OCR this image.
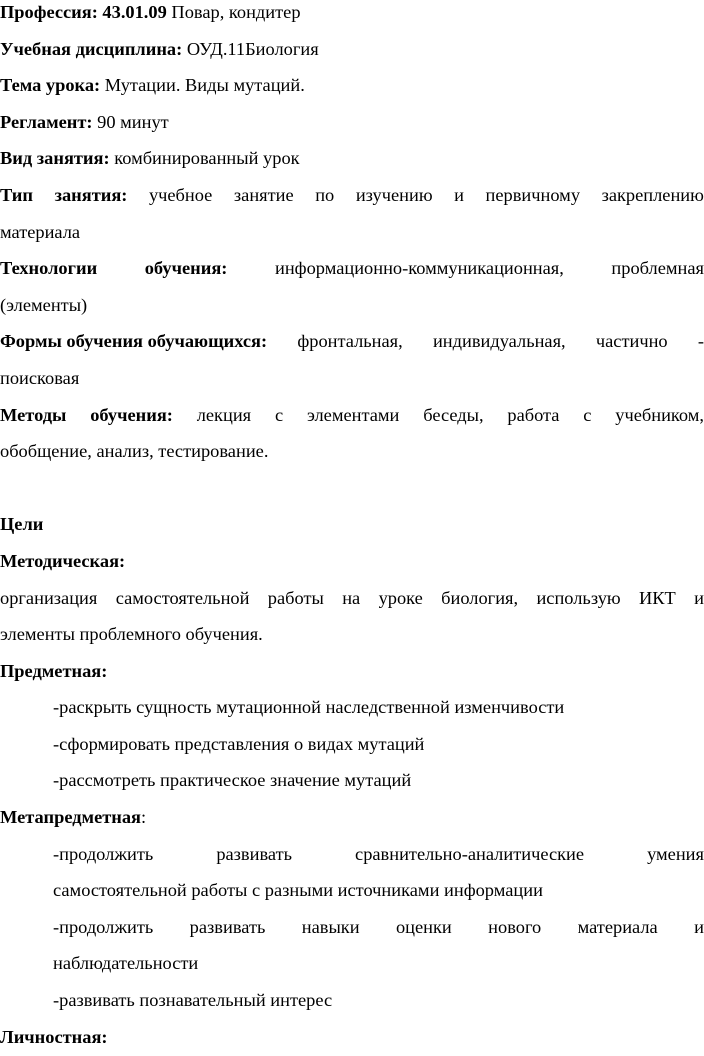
Профессия: 43.01.09 Повар, кондитер

Учебная дисциплина: ОУД.11Биология

Тема урока: Мутации. Виды мутаций.

Регламент: 90 минут

Вид занятия: комбинированный урок

Тип занятия: учебное занятие по изучению и первичному закреплению

материала

Технологии	обучения:	информационно-коммуникационная,	проблемная

(элементы)

Формы обучения обучающихся: фронтальная, индивидуальная, частично -

поисковая

Методы обучения: лекция с элементами беседы, работа с учебником,

обобщение, анализ, тестирование.

Цели

Методическая:

организация самостоятельной работы на уроке биология, использую ИКТ и

элементы проблемного обучения.

Предметная:

-раскрыть сущность мутационной наследственной изменчивости

-сформировать представления о видах мутаций

-рассмотреть практическое значение мутаций

Метапредметная:

-продолжить	развивать	сравнительно-аналитические	умения

самостоятельной работы с разными источниками информации

-продолжить развивать навыки оценки нового материала и

наблюдательности

-развивать познавательный интерес

Личностная:
